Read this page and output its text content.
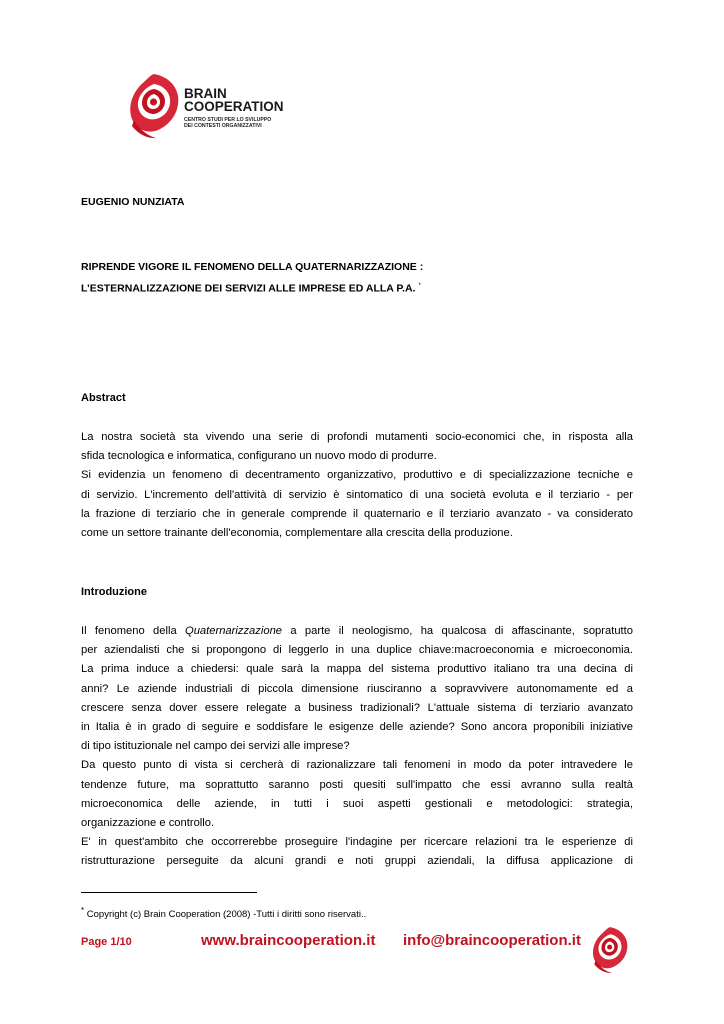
BRAIN
COOPERATION
CENTRO STUDI PER LO SVILUPPO
DEI CONTESTI ORGANIZZATIVI
EUGENIO NUNZIATA
RIPRENDE VIGORE IL FENOMENO DELLA QUATERNARIZZAZIONE :
L’ESTERNALIZZAZIONE DEI SERVIZI ALLE IMPRESE ED ALLA P.A. *
Abstract
La nostra società sta vivendo una serie di profondi mutamenti socio-economici che, in risposta alla
sfida tecnologica e informatica, configurano un nuovo modo di produrre.
Si evidenzia un fenomeno di decentramento organizzativo, produttivo e di specializzazione tecniche e
di servizio. L'incremento dell'attività di servizio è sintomatico di una società evoluta e il terziario - per
la frazione di terziario che in generale comprende il quaternario e il terziario avanzato - va considerato
come un settore trainante dell'economia, complementare alla crescita della produzione.
Introduzione
Il fenomeno della Quaternarizzazione a parte il neologismo, ha qualcosa di affascinante, sopratutto
per aziendalisti che si propongono di leggerlo in una duplice chiave:macroeconomia e microeconomia.
La prima induce a chiedersi: quale sarà la mappa del sistema produttivo italiano tra una decina di
anni? Le aziende industriali di piccola dimensione riusciranno a sopravvivere autonomamente ed a
crescere senza dover essere relegate a business tradizionali? L'attuale sistema di terziario avanzato
in Italia è in grado di seguire e soddisfare le esigenze delle aziende? Sono ancora proponibili iniziative
di tipo istituzionale nel campo dei servizi alle imprese?
Da questo punto di vista si cercherà di razionalizzare tali fenomeni in modo da poter intravedere le
tendenze future, ma soprattutto saranno posti quesiti sull'impatto che essi avranno sulla realtà
microeconomica delle aziende, in tutti i suoi aspetti gestionali e metodologici: strategia,
organizzazione e controllo.
E' in quest'ambito che occorrerebbe proseguire l'indagine per ricercare relazioni tra le esperienze di
ristrutturazione perseguite da alcuni grandi e noti gruppi aziendali, la diffusa applicazione di
* Copyright (c) Brain Cooperation (2008) -Tutti i diritti sono riservati..
Page 1/10	www.braincooperation.it info@braincooperation.it
